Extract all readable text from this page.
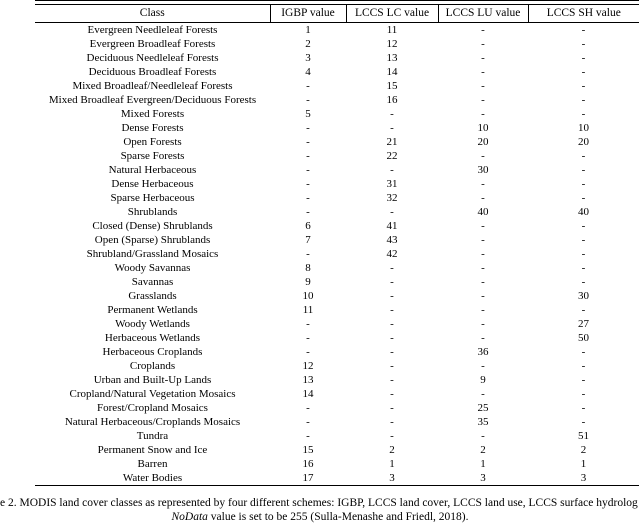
Class	IGBP value	LCCS LC value	LCCS LU value	LCCS SH value
Evergreen Needleleaf Forests	1	11	-	-
Evergreen Broadleaf Forests	2	12	-	-
Deciduous Needleleaf Forests	3	13	-	-
Deciduous Broadleaf Forests	4	14	-	-
Mixed Broadleaf/Needleleaf Forests	-	15	-	-
Mixed Broadleaf Evergreen/Deciduous Forests	-	16	-	-
Mixed Forests	5	-	-	-
Dense Forests	-	-	10	10
Open Forests	-	21	20	20
Sparse Forests	-	22	-	-
Natural Herbaceous	-	-	30	-
Dense Herbaceous	-	31	-	-
Sparse Herbaceous	-	32	-	-
Shrublands	-	-	40	40
Closed (Dense) Shrublands	6	41	-	-
Open (Sparse) Shrublands	7	43	-	-
Shrubland/Grassland Mosaics	-	42	-	-
Woody Savannas	8	-	-	-
Savannas	9	-	-	-
Grasslands	10	-	-	30
Permanent Wetlands	11	-	-	-
Woody Wetlands	-	-	-	27
Herbaceous Wetlands	-	-	-	50
Herbaceous Croplands	-	-	36	-
Croplands	12	-	-	-
Urban and Built-Up Lands	13	-	9	-
Cropland/Natural Vegetation Mosaics	14	-	-	-
Forest/Cropland Mosaics	-	-	25	-
Natural Herbaceous/Croplands Mosaics	-	-	35	-
Tundra	-	-	-	51
Permanent Snow and Ice	15	2	2	2
Barren	16	1	1	1
Water Bodies	17	3	3	3
e 2. MODIS land cover classes as represented by four different schemes: IGBP, LCCS land cover, LCCS land use, LCCS surface hydrolog
NoData value is set to be 255 (Sulla-Menashe and Friedl, 2018).
